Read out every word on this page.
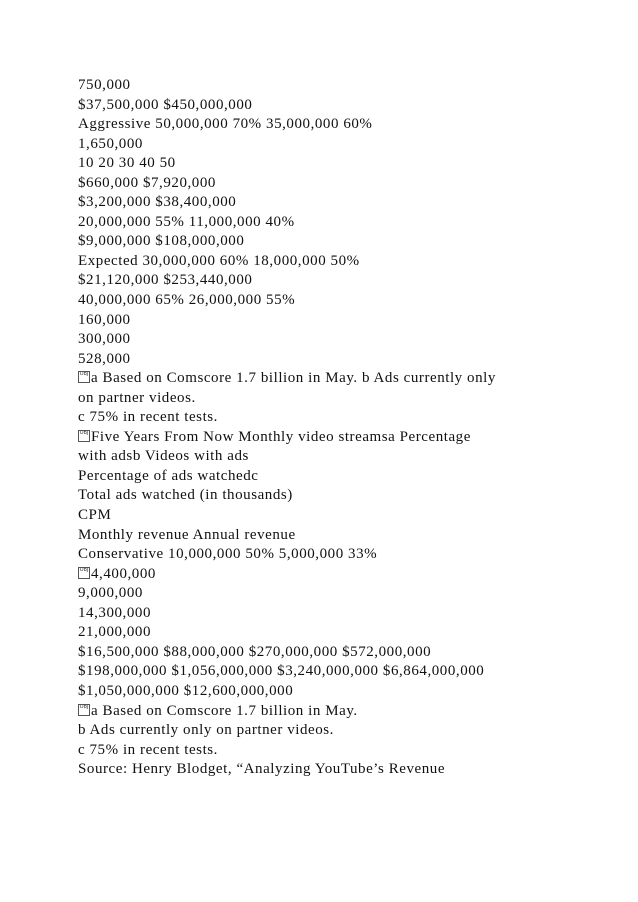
750,000
$37,500,000 $450,000,000
Aggressive 50,000,000 70% 35,000,000 60%
1,650,000
10 20 30 40 50
$660,000 $7,920,000
$3,200,000 $38,400,000
20,000,000 55% 11,000,000 40%
$9,000,000 $108,000,000
Expected 30,000,000 60% 18,000,000 50%
$21,120,000 $253,440,000
40,000,000 65% 26,000,000 55%
160,000
300,000
528,000
OBJ a Based on Comscore 1.7 billion in May. b Ads currently only
on partner videos.
c 75% in recent tests.
OBJ Five Years From Now Monthly video streamsa Percentage
with adsb Videos with ads
Percentage of ads watchedc
Total ads watched (in thousands)
CPM
Monthly revenue Annual revenue
Conservative 10,000,000 50% 5,000,000 33%
OBJ 4,400,000
9,000,000
14,300,000
21,000,000
$16,500,000 $88,000,000 $270,000,000 $572,000,000
$198,000,000 $1,056,000,000 $3,240,000,000 $6,864,000,000
$1,050,000,000 $12,600,000,000
OBJ a Based on Comscore 1.7 billion in May.
b Ads currently only on partner videos.
c 75% in recent tests.
Source: Henry Blodget, “Analyzing YouTube’s Revenue
